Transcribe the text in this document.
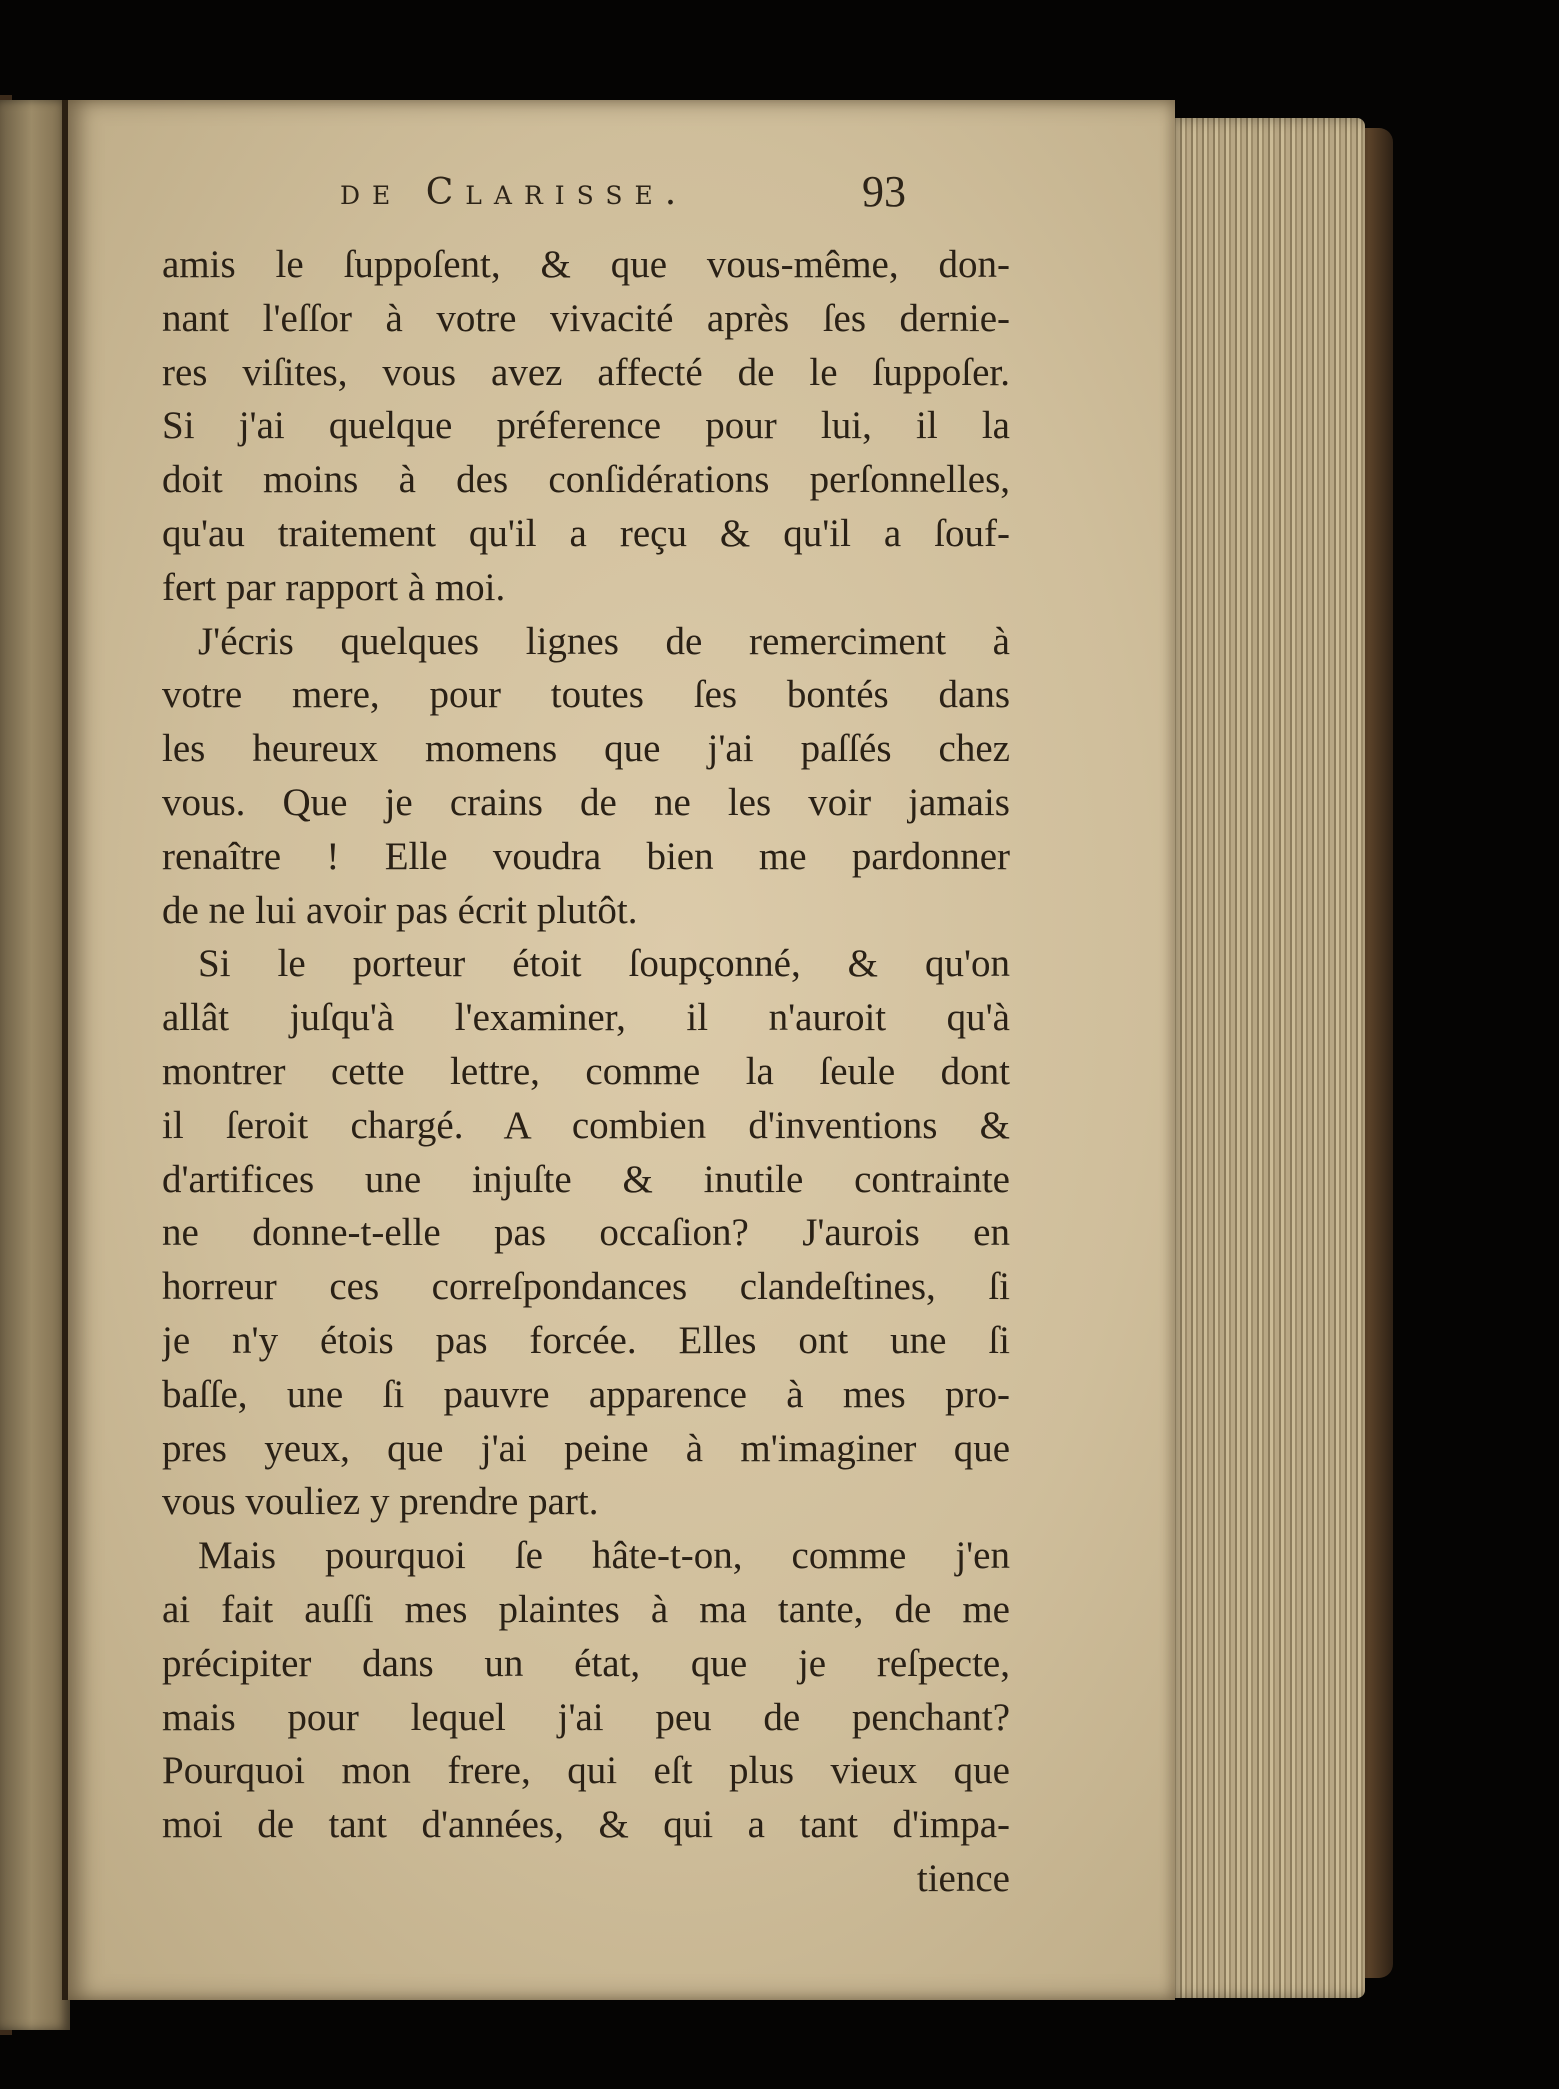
de Clarisse.	93
amis le ſuppoſent, & que vous-même, don-
nant l'eſſor à votre vivacité après ſes dernie-
res viſites, vous avez affecté de le ſuppoſer.
Si j'ai quelque préference pour lui, il la
doit moins à des conſidérations perſonnelles,
qu'au traitement qu'il a reçu & qu'il a ſouf-
fert par rapport à moi.
J'écris quelques lignes de remerciment à
votre mere, pour toutes ſes bontés dans
les heureux momens que j'ai paſſés chez
vous. Que je crains de ne les voir jamais
renaître ! Elle voudra bien me pardonner
de ne lui avoir pas écrit plutôt.
Si le porteur étoit ſoupçonné, & qu'on
allât juſqu'à l'examiner, il n'auroit qu'à
montrer cette lettre, comme la ſeule dont
il ſeroit chargé. A combien d'inventions &
d'artifices une injuſte & inutile contrainte
ne donne-t-elle pas occaſion? J'aurois en
horreur ces correſpondances clandeſtines, ſi
je n'y étois pas forcée. Elles ont une ſi
baſſe, une ſi pauvre apparence à mes pro-
pres yeux, que j'ai peine à m'imaginer que
vous vouliez y prendre part.
Mais pourquoi ſe hâte-t-on, comme j'en
ai fait auſſi mes plaintes à ma tante, de me
précipiter dans un état, que je reſpecte,
mais pour lequel j'ai peu de penchant?
Pourquoi mon frere, qui eſt plus vieux que
moi de tant d'années, & qui a tant d'impa-
tience
